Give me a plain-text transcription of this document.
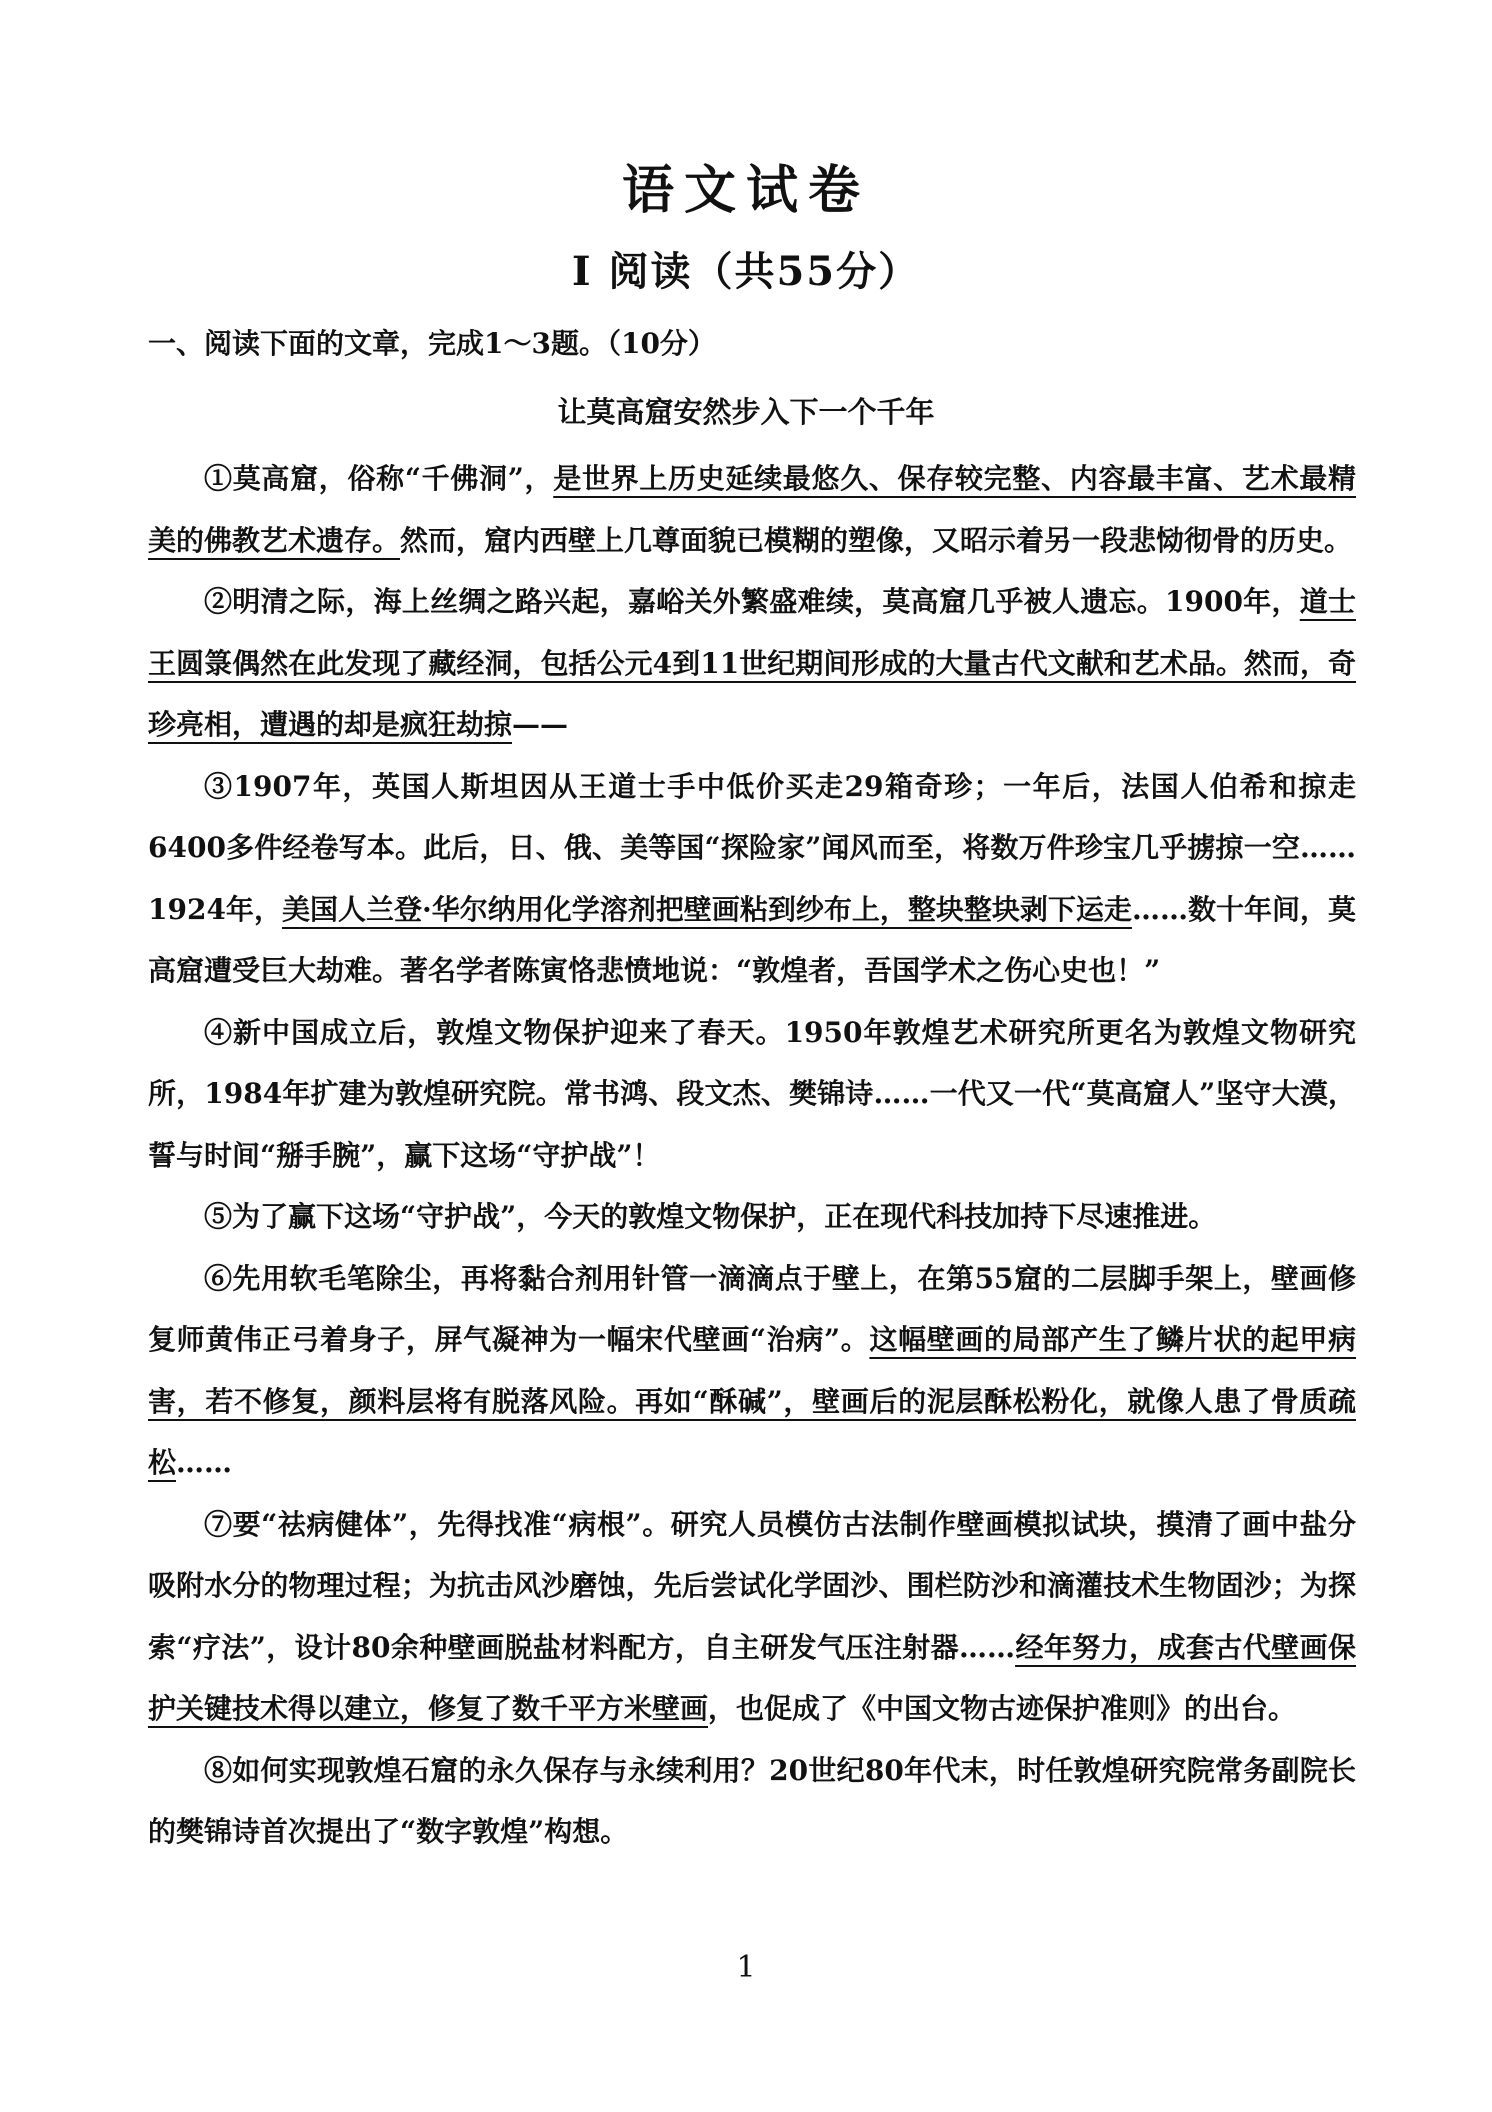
语文试卷
Ⅰ 阅读（共55分）
一、阅读下面的文章，完成1～3题。（10分）
让莫高窟安然步入下一个千年

①莫高窟，俗称“千佛洞”，是世界上历史延续最悠久、保存较完整、内容最丰富、艺术最精美的佛教艺术遗存。然而，窟内西壁上几尊面貌已模糊的塑像，又昭示着另一段悲恸彻骨的历史。

②明清之际，海上丝绸之路兴起，嘉峪关外繁盛难续，莫高窟几乎被人遗忘。1900年，道士王圆箓偶然在此发现了藏经洞，包括公元4到11世纪期间形成的大量古代文献和艺术品。然而，奇珍亮相，遭遇的却是疯狂劫掠——

③1907年，英国人斯坦因从王道士手中低价买走29箱奇珍；一年后，法国人伯希和掠走6400多件经卷写本。此后，日、俄、美等国“探险家”闻风而至，将数万件珍宝几乎掳掠一空……1924年，美国人兰登·华尔纳用化学溶剂把壁画粘到纱布上，整块整块剥下运走……数十年间，莫高窟遭受巨大劫难。著名学者陈寅恪悲愤地说：“敦煌者，吾国学术之伤心史也！”

④新中国成立后，敦煌文物保护迎来了春天。1950年敦煌艺术研究所更名为敦煌文物研究所，1984年扩建为敦煌研究院。常书鸿、段文杰、樊锦诗……一代又一代“莫高窟人”坚守大漠，誓与时间“掰手腕”，赢下这场“守护战”！

⑤为了赢下这场“守护战”，今天的敦煌文物保护，正在现代科技加持下尽速推进。

⑥先用软毛笔除尘，再将黏合剂用针管一滴滴点于壁上，在第55窟的二层脚手架上，壁画修复师黄伟正弓着身子，屏气凝神为一幅宋代壁画“治病”。这幅壁画的局部产生了鳞片状的起甲病害，若不修复，颜料层将有脱落风险。再如“酥碱”，壁画后的泥层酥松粉化，就像人患了骨质疏松……

⑦要“祛病健体”，先得找准“病根”。研究人员模仿古法制作壁画模拟试块，摸清了画中盐分吸附水分的物理过程；为抗击风沙磨蚀，先后尝试化学固沙、围栏防沙和滴灌技术生物固沙；为探索“疗法”，设计80余种壁画脱盐材料配方，自主研发气压注射器……经年努力，成套古代壁画保护关键技术得以建立，修复了数千平方米壁画，也促成了《中国文物古迹保护准则》的出台。

⑧如何实现敦煌石窟的永久保存与永续利用？20世纪80年代末，时任敦煌研究院常务副院长的樊锦诗首次提出了“数字敦煌”构想。

1
